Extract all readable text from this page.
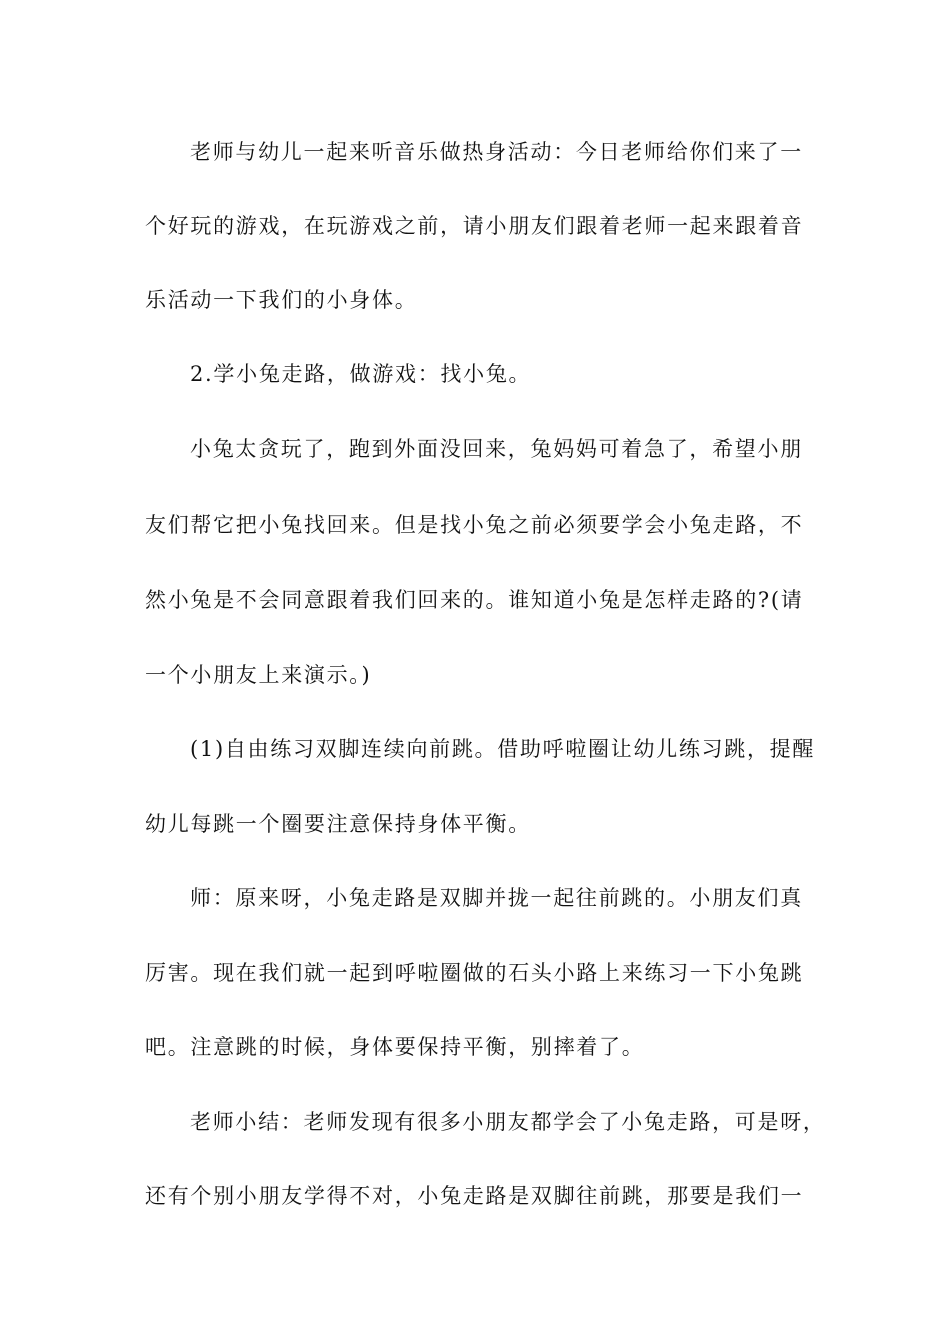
老师与幼儿一起来听音乐做热身活动：今日老师给你们来了一
个好玩的游戏，在玩游戏之前，请小朋友们跟着老师一起来跟着音
乐活动一下我们的小身体。
2.学小兔走路，做游戏：找小兔。
小兔太贪玩了，跑到外面没回来，兔妈妈可着急了，希望小朋
友们帮它把小兔找回来。但是找小兔之前必须要学会小兔走路，不
然小兔是不会同意跟着我们回来的。谁知道小兔是怎样走路的?(请
一个小朋友上来演示。)
(1)自由练习双脚连续向前跳。借助呼啦圈让幼儿练习跳，提醒
幼儿每跳一个圈要注意保持身体平衡。
师：原来呀，小兔走路是双脚并拢一起往前跳的。小朋友们真
厉害。现在我们就一起到呼啦圈做的石头小路上来练习一下小兔跳
吧。注意跳的时候，身体要保持平衡，别摔着了。
老师小结：老师发现有很多小朋友都学会了小兔走路，可是呀，
还有个别小朋友学得不对，小兔走路是双脚往前跳，那要是我们一
